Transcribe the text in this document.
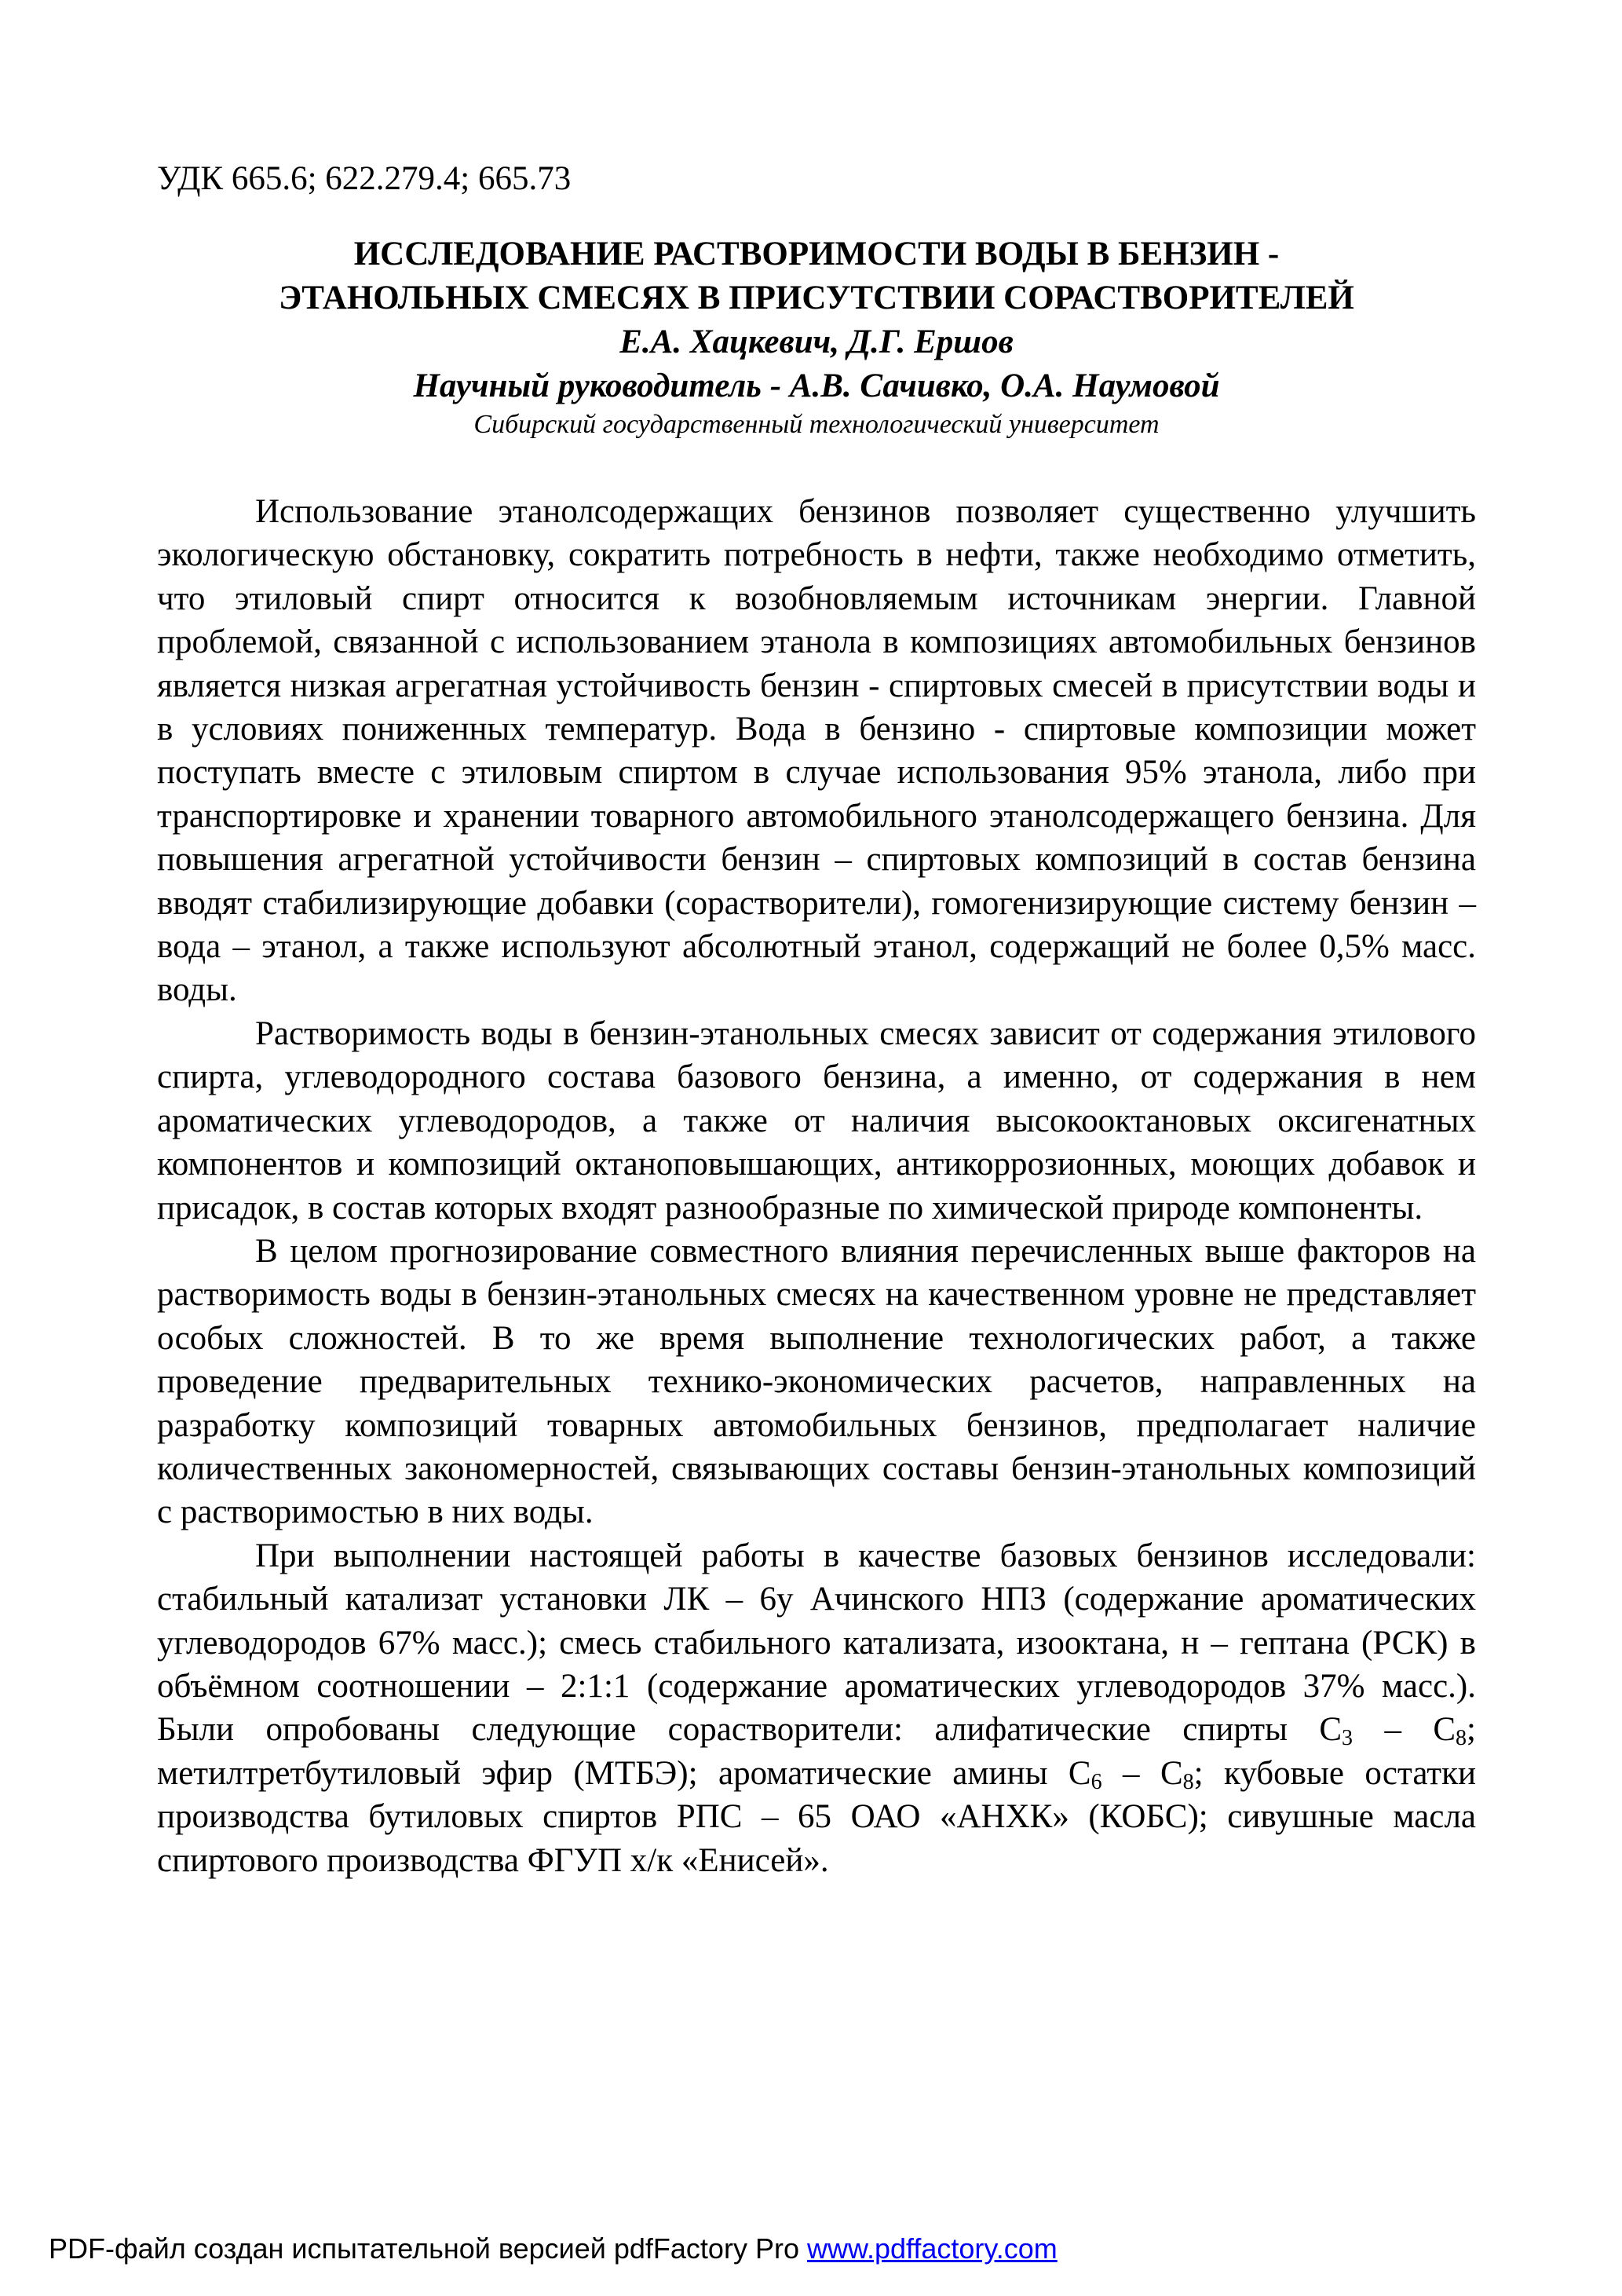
УДК 665.6; 622.279.4; 665.73
ИССЛЕДОВАНИЕ РАСТВОРИМОСТИ ВОДЫ В БЕНЗИН -
ЭТАНОЛЬНЫХ СМЕСЯХ В ПРИСУТСТВИИ СОРАСТВОРИТЕЛЕЙ
Е.А. Хацкевич, Д.Г. Ершов
Научный руководитель - А.В. Сачивко, О.А. Наумовой
Сибирский государственный технологический университет

Использование этанолсодержащих бензинов позволяет существенно улучшить экологическую обстановку, сократить потребность в нефти, также необходимо отметить, что этиловый спирт относится к возобновляемым источникам энергии. Главной проблемой, связанной с использованием этанола в композициях автомобильных бензинов является низкая агрегатная устойчивость бензин - спиртовых смесей в присутствии воды и в условиях пониженных температур. Вода в бензино - спиртовые композиции может поступать вместе с этиловым спиртом в случае использования 95% этанола, либо при транспортировке и хранении товарного автомобильного этанолсодержащего бензина. Для повышения агрегатной устойчивости бензин – спиртовых композиций в состав бензина вводят стабилизирующие добавки (сорастворители), гомогенизирующие систему бензин – вода – этанол, а также используют абсолютный этанол, содержащий не более 0,5% масс. воды.

Растворимость воды в бензин-этанольных смесях зависит от содержания этилового спирта, углеводородного состава базового бензина, а именно, от содержания в нем ароматических углеводородов, а также от наличия высокооктановых оксигенатных компонентов и композиций октаноповышающих, антикоррозионных, моющих добавок и присадок, в состав которых входят разнообразные по химической природе компоненты.

В целом прогнозирование совместного влияния перечисленных выше факторов на растворимость воды в бензин-этанольных смесях на качественном уровне не представляет особых сложностей. В то же время выполнение технологических работ, а также проведение предварительных технико-экономических расчетов, направленных на разработку композиций товарных автомобильных бензинов, предполагает наличие количественных закономерностей, связывающих составы бензин-этанольных композиций с растворимостью в них воды.

При выполнении настоящей работы в качестве базовых бензинов исследовали: стабильный катализат установки ЛК – 6у Ачинского НПЗ (содержание ароматических углеводородов 67% масс.); смесь стабильного катализата, изооктана, н – гептана (РСК) в объёмном соотношении – 2:1:1 (содержание ароматических углеводородов 37% масс.). Были опробованы следующие сорастворители: алифатические спирты $С_3 - С_8$; метилтретбутиловый эфир (МТБЭ); ароматические амины $С_6 - С_8$; кубовые остатки производства бутиловых спиртов РПС – 65 ОАО «АНХК» (КОБС); сивушные масла спиртового производства ФГУП х/к «Енисей».

PDF-файл создан испытательной версией pdfFactory Pro www.pdffactory.com
